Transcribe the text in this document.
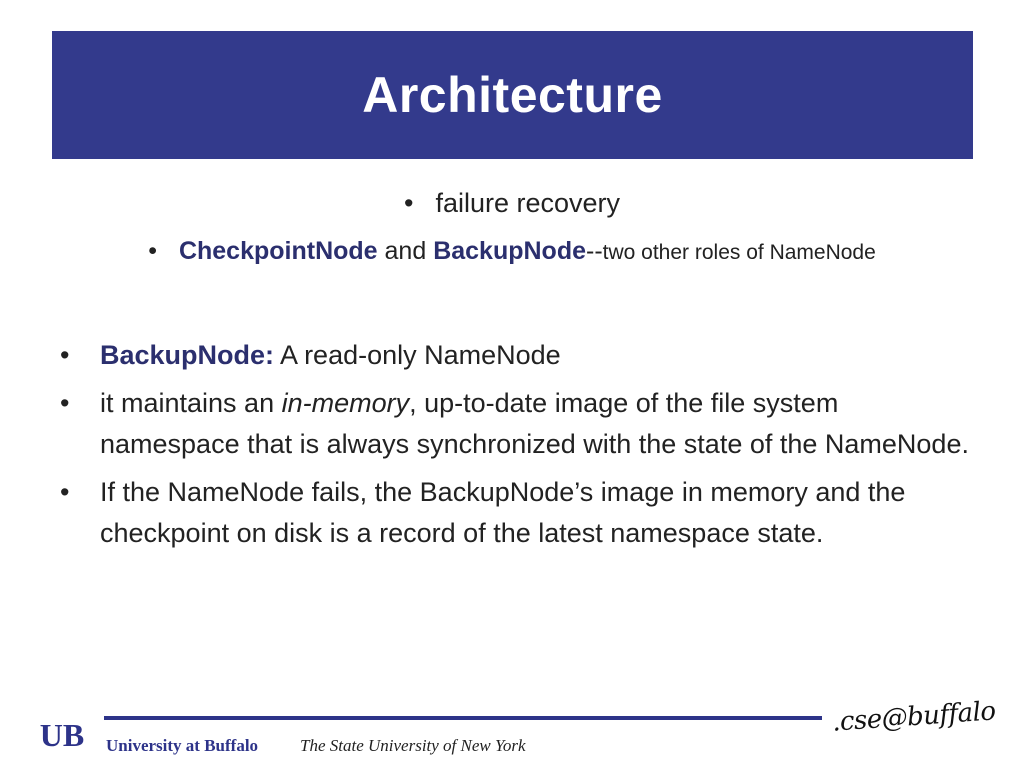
Architecture
• failure recovery
• CheckpointNode and BackupNode--two other roles of NameNode
• BackupNode: A read-only NameNode
• it maintains an in-memory, up-to-date image of the file system namespace that is always synchronized with the state of the NameNode.
• If the NameNode fails, the BackupNode’s image in memory and the checkpoint on disk is a record of the latest namespace state.
UB University at Buffalo The State University of New York
.cse@buffalo
